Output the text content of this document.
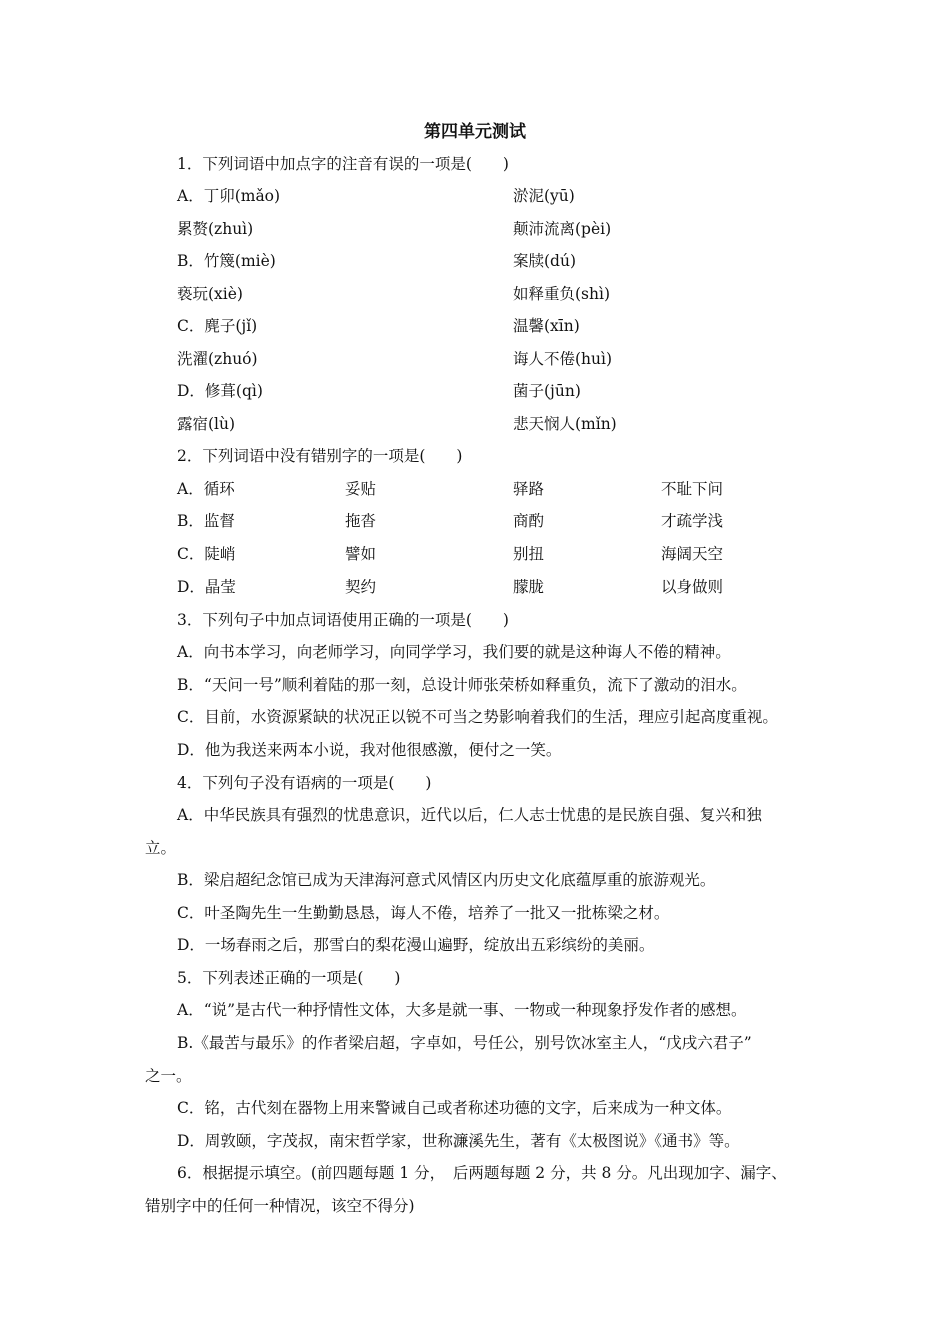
第四单元测试
1．下列词语中加点字的注音有误的一项是(　　)
A．丁卯(mǎo)	淤泥(yū)
累赘(zhuì)	颠沛流离(pèi)
B．竹篾(miè)	案牍(dú)
亵玩(xiè)	如释重负(shì)
C．麂子(jǐ)	温馨(xīn)
洗濯(zhuó)	诲人不倦(huì)
D．修葺(qì)	菌子(jūn)
露宿(lù)	悲天悯人(mǐn)
2．下列词语中没有错别字的一项是(　　)
A．循环	妥贴	驿路	不耻下问
B．监督	拖沓	商酌	才疏学浅
C．陡峭	譬如	别扭	海阔天空
D．晶莹	契约	朦胧	以身做则
3．下列句子中加点词语使用正确的一项是(　　)
A．向书本学习，向老师学习，向同学学习，我们要的就是这种诲人不倦的精神。
B．“天问一号”顺利着陆的那一刻，总设计师张荣桥如释重负，流下了激动的泪水。
C．目前，水资源紧缺的状况正以锐不可当之势影响着我们的生活，理应引起高度重视。
D．他为我送来两本小说，我对他很感激，便付之一笑。
4．下列句子没有语病的一项是(　　)
A．中华民族具有强烈的忧患意识，近代以后，仁人志士忧患的是民族自强、复兴和独
立。
B．梁启超纪念馆已成为天津海河意式风情区内历史文化底蕴厚重的旅游观光。
C．叶圣陶先生一生勤勤恳恳，诲人不倦，培养了一批又一批栋梁之材。
D．一场春雨之后，那雪白的梨花漫山遍野，绽放出五彩缤纷的美丽。
5．下列表述正确的一项是(　　)
A．“说”是古代一种抒情性文体，大多是就一事、一物或一种现象抒发作者的感想。
B.《最苦与最乐》的作者梁启超，字卓如，号任公，别号饮冰室主人，“戊戌六君子”
之一。
C．铭，古代刻在器物上用来警诫自己或者称述功德的文字，后来成为一种文体。
D．周敦颐，字茂叔，南宋哲学家，世称濂溪先生，著有《太极图说》《通书》等。
6．根据提示填空。(前四题每题 1 分，　后两题每题 2 分，共 8 分。凡出现加字、漏字、
错别字中的任何一种情况，该空不得分)
